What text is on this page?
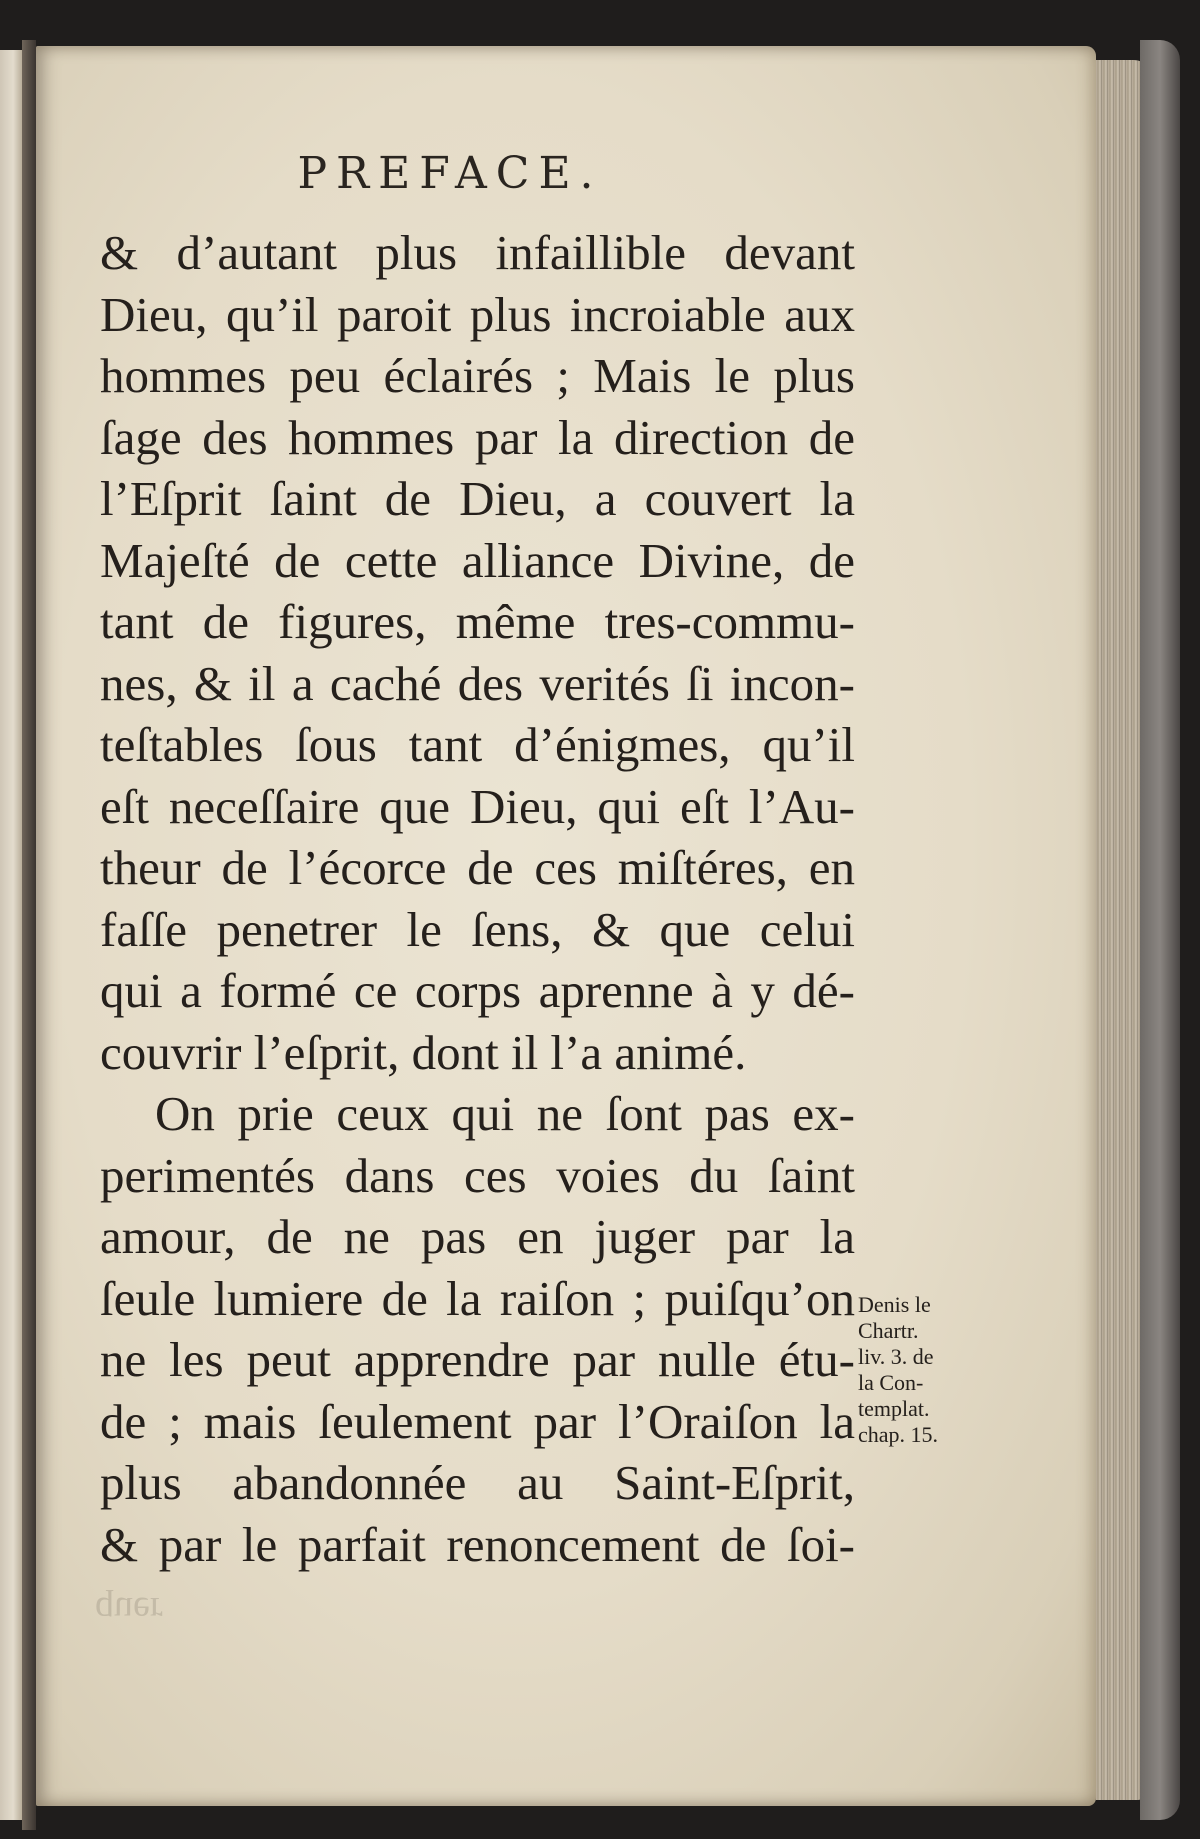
PREFACE.
& d’autant plus infaillible devant
Dieu, qu’il paroit plus incroiable aux
hommes peu éclairés ; Mais le plus
ſage des hommes par la direction de
l’Eſprit ſaint de Dieu, a couvert la
Majeſté de cette alliance Divine, de
tant de figures, même tres-commu-
nes, & il a caché des verités ſi incon-
teſtables ſous tant d’énigmes, qu’il
eſt neceſſaire que Dieu, qui eſt l’Au-
theur de l’écorce de ces miſtéres, en
faſſe penetrer le ſens, & que celui
qui a formé ce corps aprenne à y dé-
couvrir l’eſprit, dont il l’a animé.
On prie ceux qui ne ſont pas ex-
perimentés dans ces voies du ſaint
amour, de ne pas en juger par la
ſeule lumiere de la raiſon ; puiſqu’on
ne les peut apprendre par nulle étu-
de ; mais ſeulement par l’Oraiſon la
plus abandonnée au Saint-Eſprit,
& par le parfait renoncement de ſoi-
Denis le
Chartr.
liv. 3. de
la Con-
templat.
chap. 15.

quer
